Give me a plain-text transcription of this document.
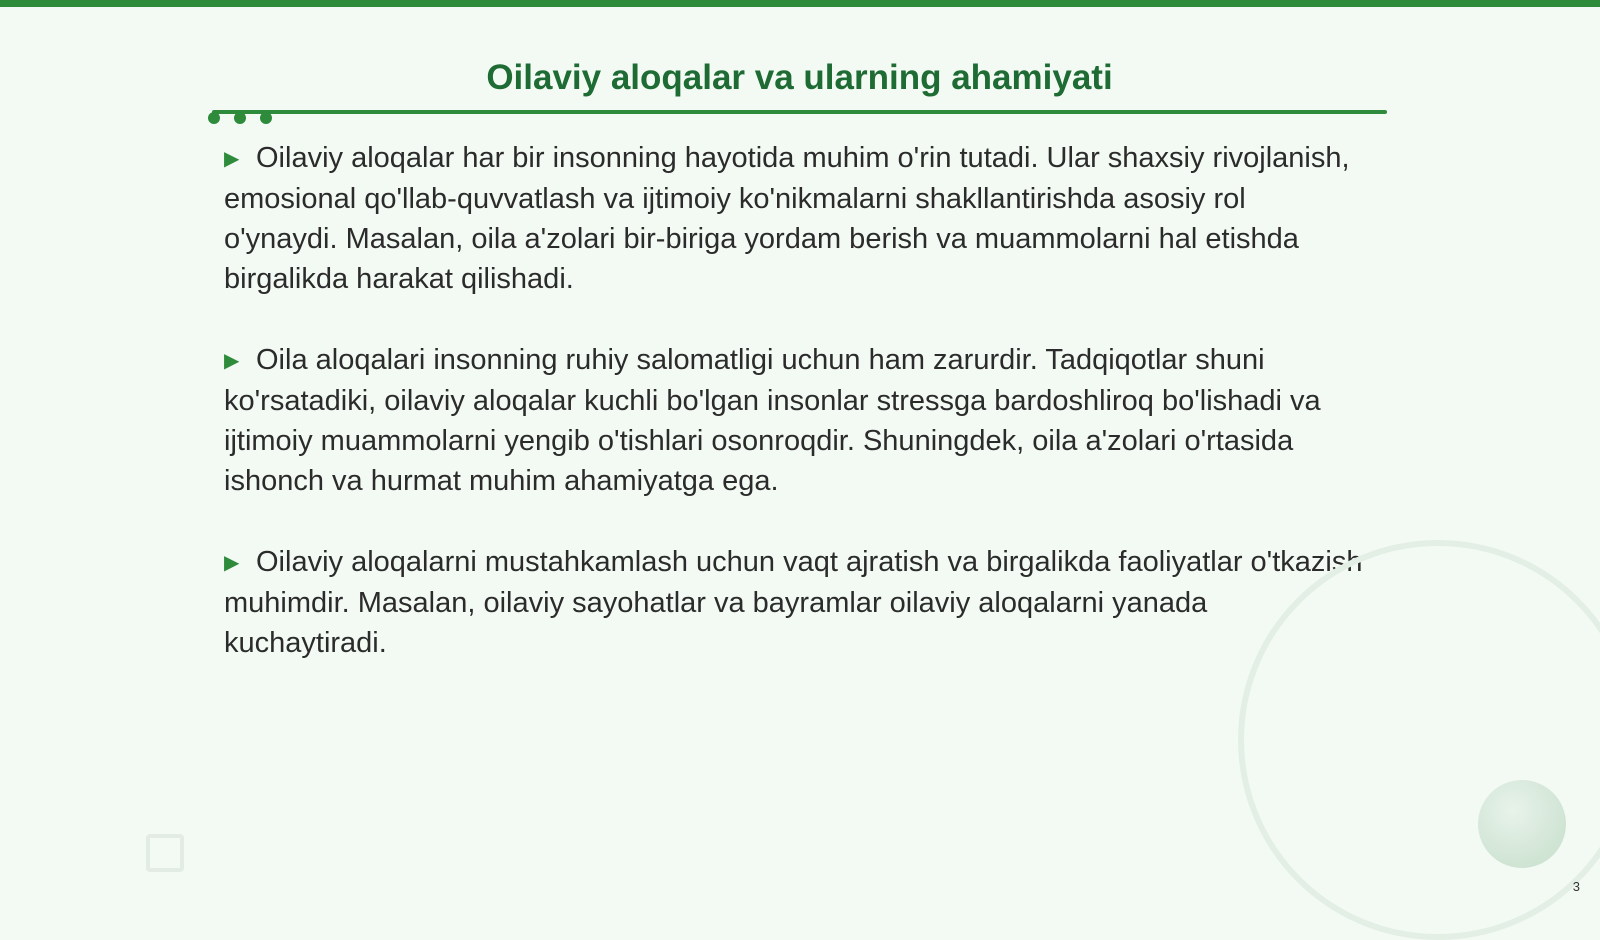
Oilaviy aloqalar va ularning ahamiyati

▶ Oilaviy aloqalar har bir insonning hayotida muhim o'rin tutadi. Ular shaxsiy rivojlanish, emosional qo'llab-quvvatlash va ijtimoiy ko'nikmalarni shakllantirishda asosiy rol o'ynaydi. Masalan, oila a'zolari bir-biriga yordam berish va muammolarni hal etishda birgalikda harakat qilishadi.

▶ Oila aloqalari insonning ruhiy salomatligi uchun ham zarurdir. Tadqiqotlar shuni ko'rsatadiki, oilaviy aloqalar kuchli bo'lgan insonlar stressga bardoshliroq bo'lishadi va ijtimoiy muammolarni yengib o'tishlari osonroqdir. Shuningdek, oila a'zolari o'rtasida ishonch va hurmat muhim ahamiyatga ega.

▶ Oilaviy aloqalarni mustahkamlash uchun vaqt ajratish va birgalikda faoliyatlar o'tkazish muhimdir. Masalan, oilaviy sayohatlar va bayramlar oilaviy aloqalarni yanada kuchaytiradi.

3
